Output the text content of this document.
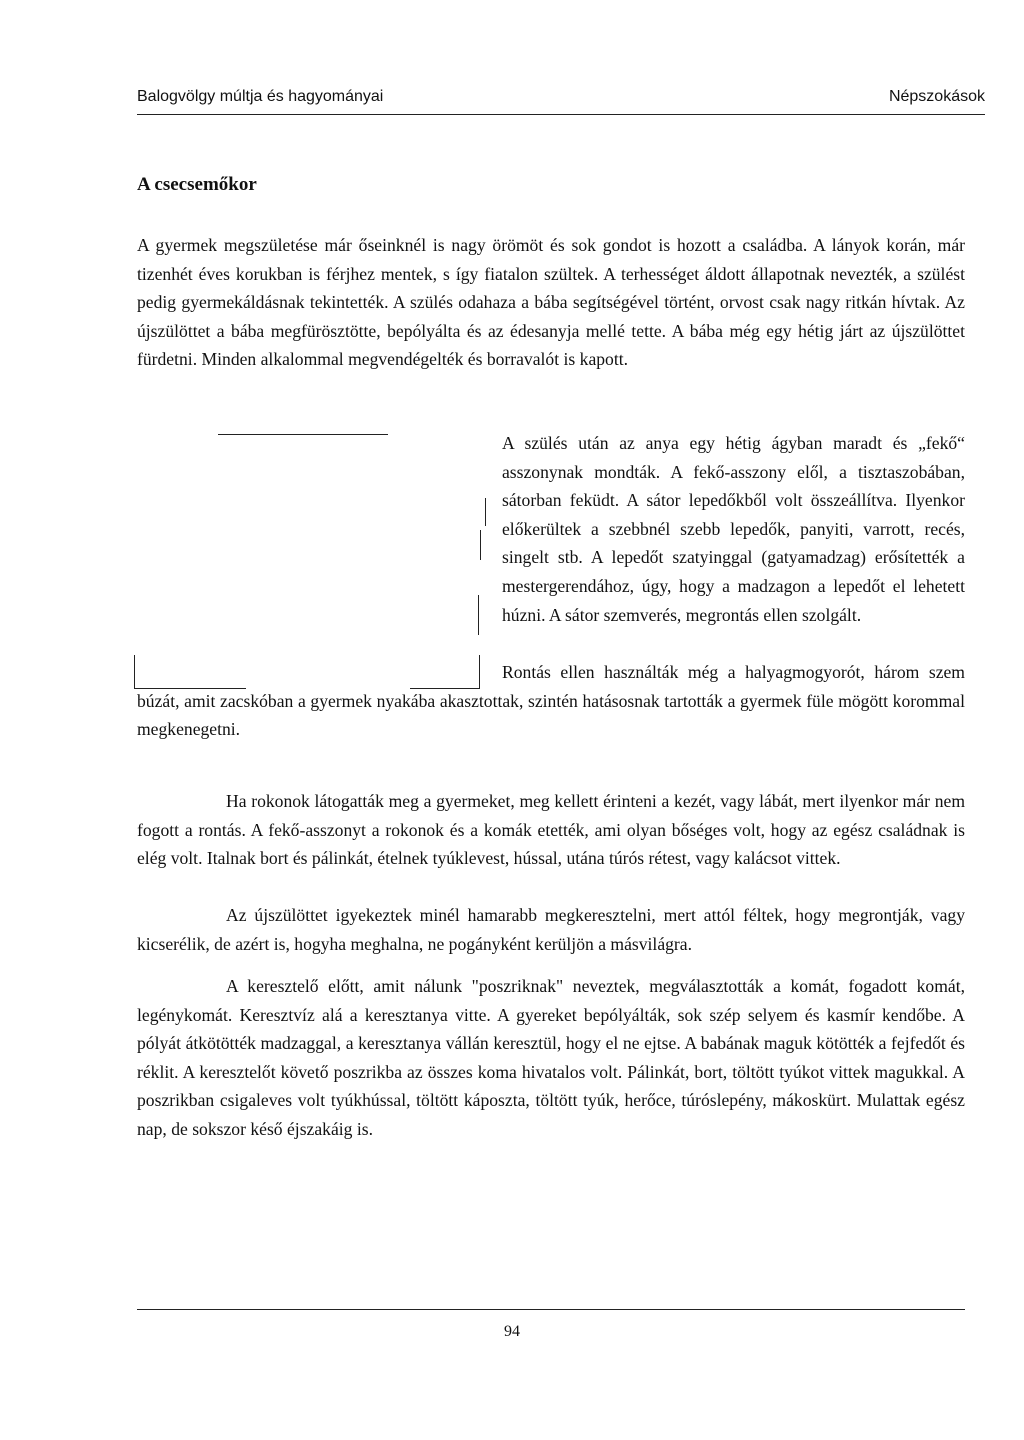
Balogvölgy múltja és hagyományai	Népszokások
A csecsemőkor

A gyermek megszületése már őseinknél is nagy örömöt és sok gondot is hozott a családba. A lányok korán, már tizenhét éves korukban is férjhez mentek, s így fiatalon szültek. A terhességet áldott állapotnak nevezték, a szülést pedig gyermekáldásnak tekintették. A szülés odahaza a bába segítségével történt, orvost csak nagy ritkán hívtak. Az újszülöttet a bába megfürösztötte, bepólyálta és az édesanyja mellé tette. A bába még egy hétig járt az újszülöttet fürdetni. Minden alkalommal megvendégelték és borravalót is kapott.

A szülés után az anya egy hétig ágyban maradt és „fekő“ asszonynak mondták. A fekő-asszony elől, a tisztaszobában, sátorban feküdt. A sátor lepedőkből volt összeállítva. Ilyenkor előkerültek a szebbnél szebb lepedők, panyiti, varrott, recés, singelt stb. A lepedőt szatyinggal (gatyamadzag) erősítették a mestergerendához, úgy, hogy a madzagon a lepedőt el lehetett húzni. A sátor szemverés, megrontás ellen szolgált.

Rontás ellen használták még a halyagmogyorót, három szem búzát, amit zacskóban a gyermek nyakába akasztottak, szintén hatásosnak tartották a gyermek füle mögött korommal megkenegetni.

Ha rokonok látogatták meg a gyermeket, meg kellett érinteni a kezét, vagy lábát, mert ilyenkor már nem fogott a rontás. A fekő-asszonyt a rokonok és a komák etették, ami olyan bőséges volt, hogy az egész családnak is elég volt. Italnak bort és pálinkát, ételnek tyúklevest, hússal, utána túrós rétest, vagy kalácsot vittek.

Az újszülöttet igyekeztek minél hamarabb megkeresztelni, mert attól féltek, hogy megrontják, vagy kicserélik, de azért is, hogyha meghalna, ne pogányként kerüljön a másvilágra.

A keresztelő előtt, amit nálunk "poszriknak" neveztek, megválasztották a komát, fogadott komát, legénykomát. Keresztvíz alá a keresztanya vitte. A gyereket bepólyálták, sok szép selyem és kasmír kendőbe. A pólyát átkötötték madzaggal, a keresztanya vállán keresztül, hogy el ne ejtse. A babának maguk kötötték a fejfedőt és réklit. A keresztelőt követő poszrikba az összes koma hivatalos volt. Pálinkát, bort, töltött tyúkot vittek magukkal. A poszrikban csigaleves volt tyúkhússal, töltött káposzta, töltött tyúk, herőce, túróslepény, mákoskürt. Mulattak egész nap, de sokszor késő éjszakáig is.

94
